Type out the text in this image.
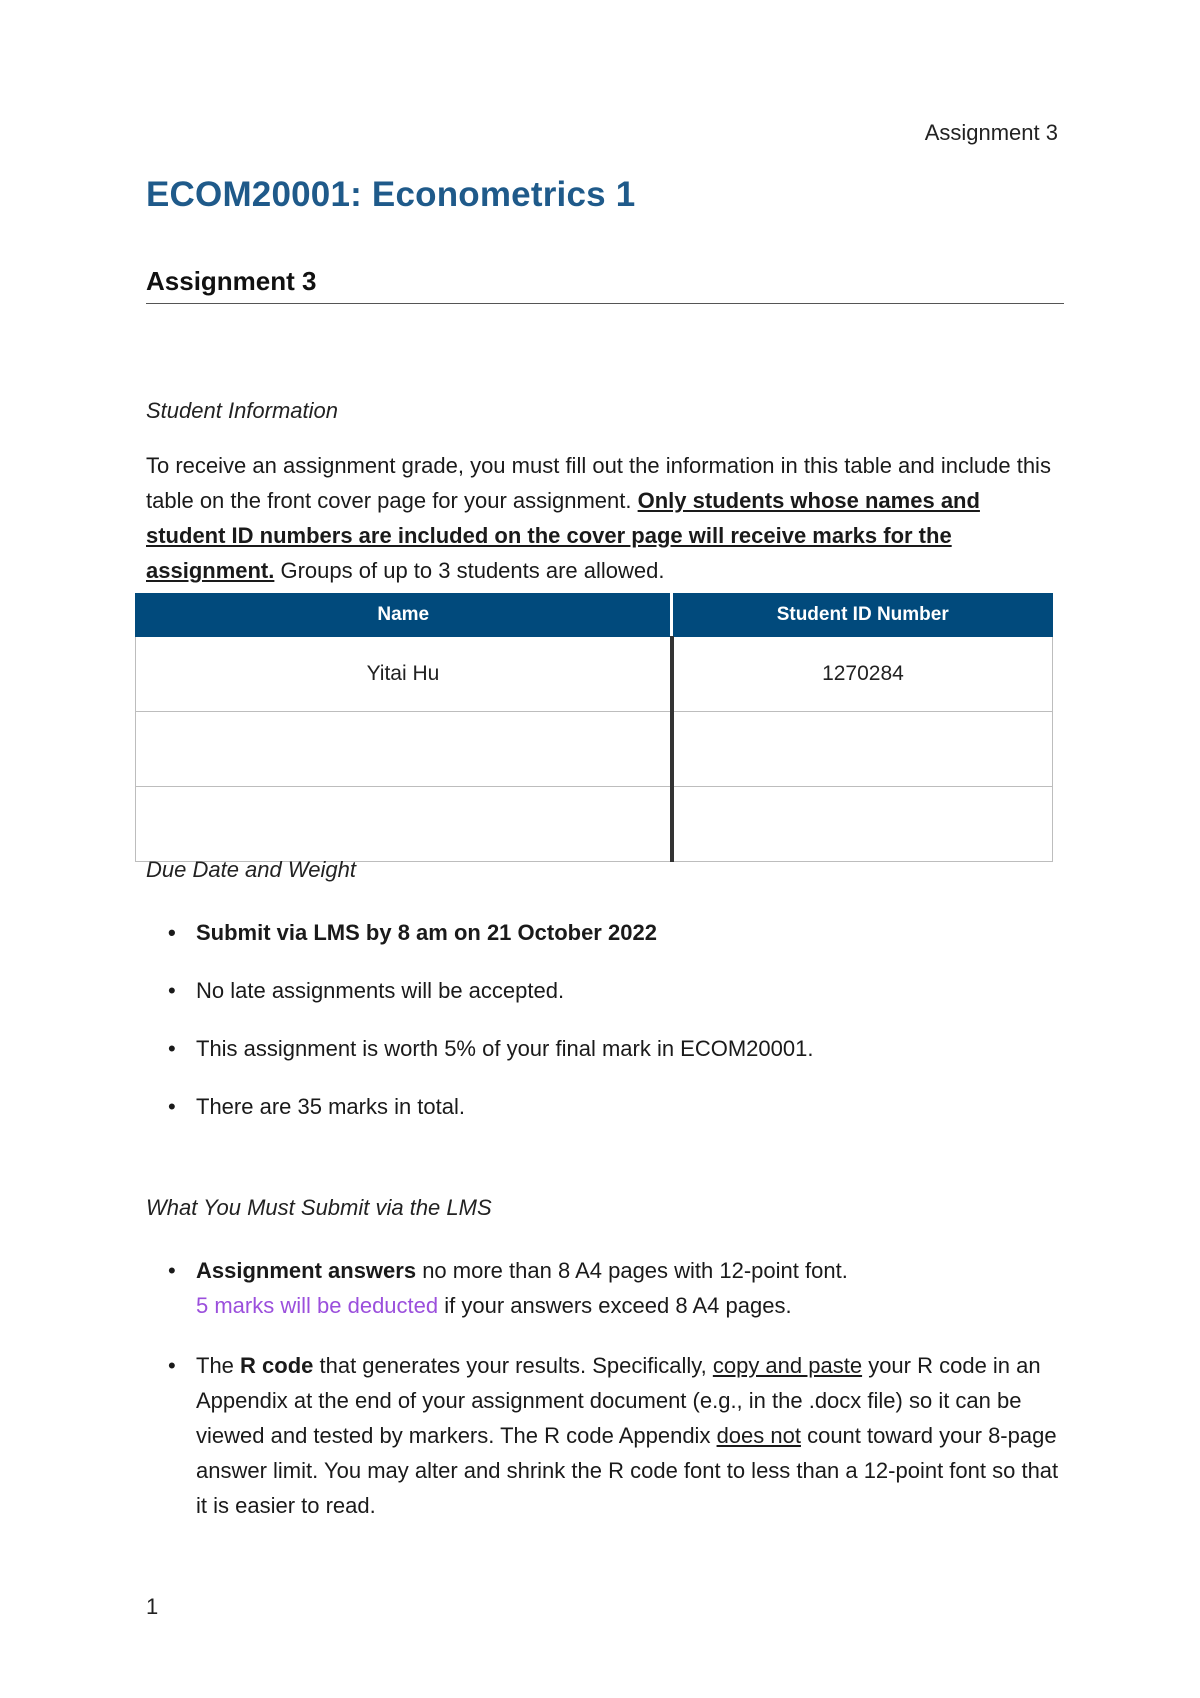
Assignment 3
ECOM20001: Econometrics 1
Assignment 3
Student Information
To receive an assignment grade, you must fill out the information in this table and include this table on the front cover page for your assignment. Only students whose names and student ID numbers are included on the cover page will receive marks for the assignment. Groups of up to 3 students are allowed.
Name	Student ID Number
Yitai Hu	1270284

Due Date and Weight
• Submit via LMS by 8 am on 21 October 2022
• No late assignments will be accepted.
• This assignment is worth 5% of your final mark in ECOM20001.
• There are 35 marks in total.
What You Must Submit via the LMS
• Assignment answers no more than 8 A4 pages with 12-point font.
5 marks will be deducted if your answers exceed 8 A4 pages.
• The R code that generates your results. Specifically, copy and paste your R code in an Appendix at the end of your assignment document (e.g., in the .docx file) so it can be viewed and tested by markers. The R code Appendix does not count toward your 8-page answer limit. You may alter and shrink the R code font to less than a 12-point font so that it is easier to read.
1
